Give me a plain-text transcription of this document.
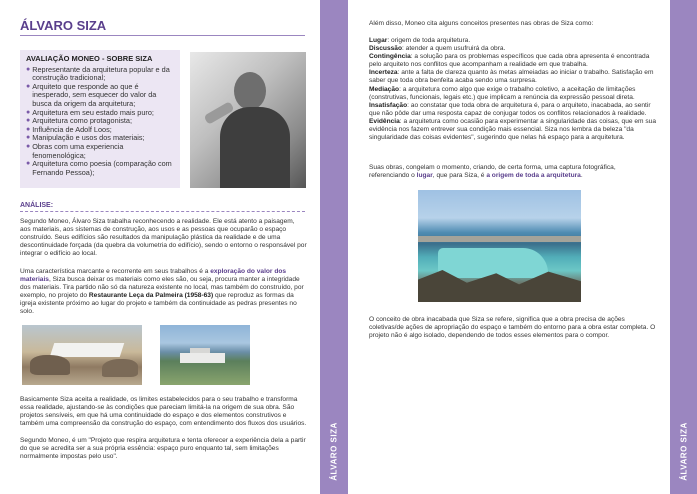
ÁLVARO SIZA
AVALIAÇÃO MONEO - SOBRE SIZA
● Representante da arquitetura popular e da construção tradicional;
● Arquiteto que responde ao que é inesperado, sem esquecer do valor da busca da origem da arquitetura;
● Arquitetura em seu estado mais puro;
● Arquitetura como protagonista;
● Influência de Adolf Loos;
● Manipulação e usos dos materiais;
● Obras com uma experiencia fenomenológica;
● Arquitetura como poesia (comparação com Fernando Pessoa);
ANÁLISE:

Segundo Moneo, Álvaro Siza trabalha reconhecendo a realidade. Ele está atento a paisagem, aos materiais, aos sistemas de construção, aos usos e as pessoas que ocuparão o espaço construído. Seus edifícios são resultados da manipulação plástica da realidade e de uma descontinuidade forçada (da quebra da volumetria do edifício), sendo o entorno o responsável por integrar o edifício ao local.

Uma característica marcante e recorrente em seus trabalhos é a exploração do valor dos materiais, Siza busca deixar os materiais como eles são, ou seja, procura manter a integridade dos materiais. Tira partido não só da natureza existente no local, mas também do construído, por exemplo, no projeto do Restaurante Leça da Palmeira (1958-63) que reproduz as formas da igreja existente próximo ao lugar do projeto e também da continuidade as pedras presentes no solo.

Basicamente Siza aceita a realidade, os limites estabelecidos para o seu trabalho e transforma essa realidade, ajustando-se às condições que pareciam limitá-la na origem de sua obra. São projetos sensíveis, em que há uma continuidade do espaço e dos elementos construtivos e também uma compreensão da construção do espaço, com entendimento dos fluxos dos usuários.

Segundo Moneo, é um "Projeto que respira arquitetura e tenta oferecer a experiência dela a partir do que se acredita ser a sua própria essência: espaço puro enquanto tal, sem limitações normalmente impostas pelo uso".	ÁLVARO SIZA

Além disso, Moneo cita alguns conceitos presentes nas obras de Siza como:

Lugar: origem de toda arquitetura.
Discussão: atender a quem usufruirá da obra.
Contingência: a solução para os problemas específicos que cada obra apresenta é encontrada pelo arquiteto nos conflitos que acompanham a realidade em que trabalha.
Incerteza: ante a falta de clareza quanto às metas almeiadas ao iniciar o trabalho. Satisfação em saber que toda obra benfeita acaba sendo uma surpresa.
Mediação: a arquitetura como algo que exige o trabalho coletivo, a aceitação de limitações (construtivas, funcionais, legais etc.) que implicam a renúncia da expressão pessoal direta.
Insatisfação: ao constatar que toda obra de arquitetura é, para o arquiteto, inacabada, ao sentir que não pôde dar uma resposta capaz de conjugar todos os conflitos relacionados à realidade.
Evidência: a arquitetura como ocasião para experimentar a singularidade das coisas, que em sua evidência nos fazem entrever sua condição mais essencial. Siza nos lembra da beleza "da singularidade das coisas evidentes", sugerindo que nelas há espaço para a arquitetura.

Suas obras, congelam o momento, criando, de certa forma, uma captura fotográfica, referenciando o lugar, que para Siza, é a origem de toda a arquitetura.

O conceito de obra inacabada que Siza se refere, significa que a obra precisa de ações coletivas/de ações de apropriação do espaço e também do entorno para a obra estar completa. O projeto não é algo isolado, dependendo de todos esses elementos para o compor.

ÁLVARO SIZA
